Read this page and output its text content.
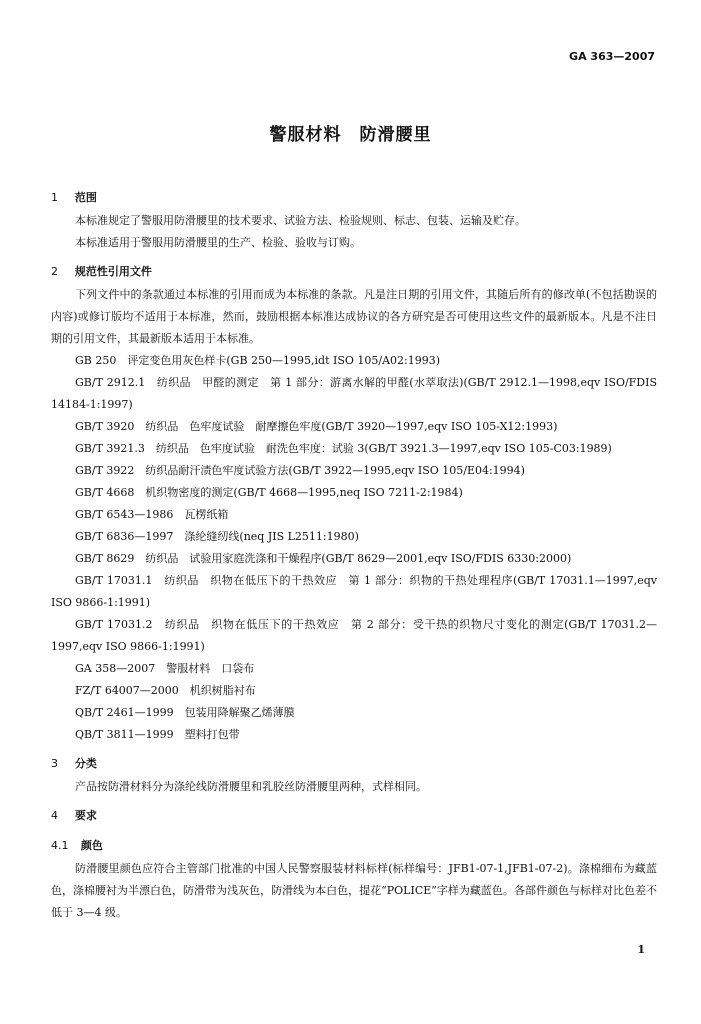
GA 363—2007
警服材料　防滑腰里

1 范围

本标准规定了警服用防滑腰里的技术要求、试验方法、检验规则、标志、包装、运输及贮存。

本标准适用于警服用防滑腰里的生产、检验、验收与订购。

2 规范性引用文件

下列文件中的条款通过本标准的引用而成为本标准的条款。凡是注日期的引用文件，其随后所有的修改单(不包括勘误的内容)或修订版均不适用于本标准，然而，鼓励根据本标准达成协议的各方研究是否可使用这些文件的最新版本。凡是不注日期的引用文件，其最新版本适用于本标准。

GB 250　评定变色用灰色样卡(GB 250—1995,idt ISO 105/A02:1993)

GB/T 2912.1　纺织品　甲醛的测定　第 1 部分：游离水解的甲醛(水萃取法)(GB/T 2912.1—1998,eqv ISO/FDIS 14184-1:1997)

GB/T 3920　纺织品　色牢度试验　耐摩擦色牢度(GB/T 3920—1997,eqv ISO 105-X12:1993)

GB/T 3921.3　纺织品　色牢度试验　耐洗色牢度：试验 3(GB/T 3921.3—1997,eqv ISO 105-C03:1989)

GB/T 3922　纺织品耐汗渍色牢度试验方法(GB/T 3922—1995,eqv ISO 105/E04:1994)

GB/T 4668　机织物密度的测定(GB/T 4668—1995,neq ISO 7211-2:1984)

GB/T 6543—1986　瓦楞纸箱

GB/T 6836—1997　涤纶缝纫线(neq JIS L2511:1980)

GB/T 8629　纺织品　试验用家庭洗涤和干燥程序(GB/T 8629—2001,eqv ISO/FDIS 6330:2000)

GB/T 17031.1　纺织品　织物在低压下的干热效应　第 1 部分：织物的干热处理程序(GB/T 17031.1—1997,eqv ISO 9866-1:1991)

GB/T 17031.2　纺织品　织物在低压下的干热效应　第 2 部分：受干热的织物尺寸变化的测定(GB/T 17031.2—1997,eqv ISO 9866-1:1991)

GA 358—2007　警服材料　口袋布

FZ/T 64007—2000　机织树脂衬布

QB/T 2461—1999　包装用降解聚乙烯薄膜

QB/T 3811—1999　塑料打包带

3 分类

产品按防滑材料分为涤纶线防滑腰里和乳胶丝防滑腰里两种，式样相同。

4 要求

4.1 颜色

防滑腰里颜色应符合主管部门批准的中国人民警察服装材料标样(标样编号：JFB1-07-1,JFB1-07-2)。涤棉细布为藏蓝色，涤棉腰衬为半漂白色，防滑带为浅灰色，防滑线为本白色，提花“POLICE”字样为藏蓝色。各部件颜色与标样对比色差不低于 3—4 级。

1
